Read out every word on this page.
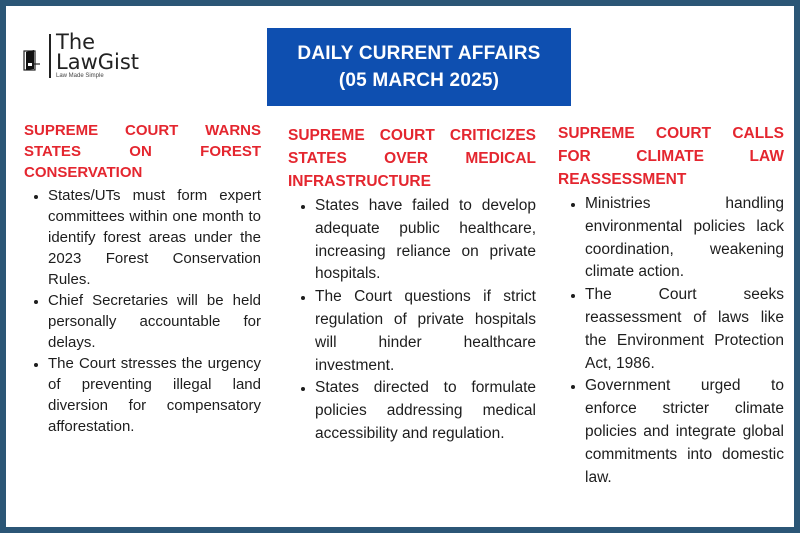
The
LawGist
Law Made Simple
DAILY CURRENT AFFAIRS
(05 MARCH 2025)
SUPREME COURT WARNS STATES ON FOREST CONSERVATION
• States/UTs must form expert committees within one month to identify forest areas under the 2023 Forest Conservation Rules.
• Chief Secretaries will be held personally accountable for delays.
• The Court stresses the urgency of preventing illegal land diversion for compensatory afforestation.
SUPREME COURT CRITICIZES STATES OVER MEDICAL INFRASTRUCTURE
• States have failed to develop adequate public healthcare, increasing reliance on private hospitals.
• The Court questions if strict regulation of private hospitals will hinder healthcare investment.
• States directed to formulate policies addressing medical accessibility and regulation.
SUPREME COURT CALLS FOR CLIMATE LAW REASSESSMENT
• Ministries handling environmental policies lack coordination, weakening climate action.
• The Court seeks reassessment of laws like the Environment Protection Act, 1986.
• Government urged to enforce stricter climate policies and integrate global commitments into domestic law.
